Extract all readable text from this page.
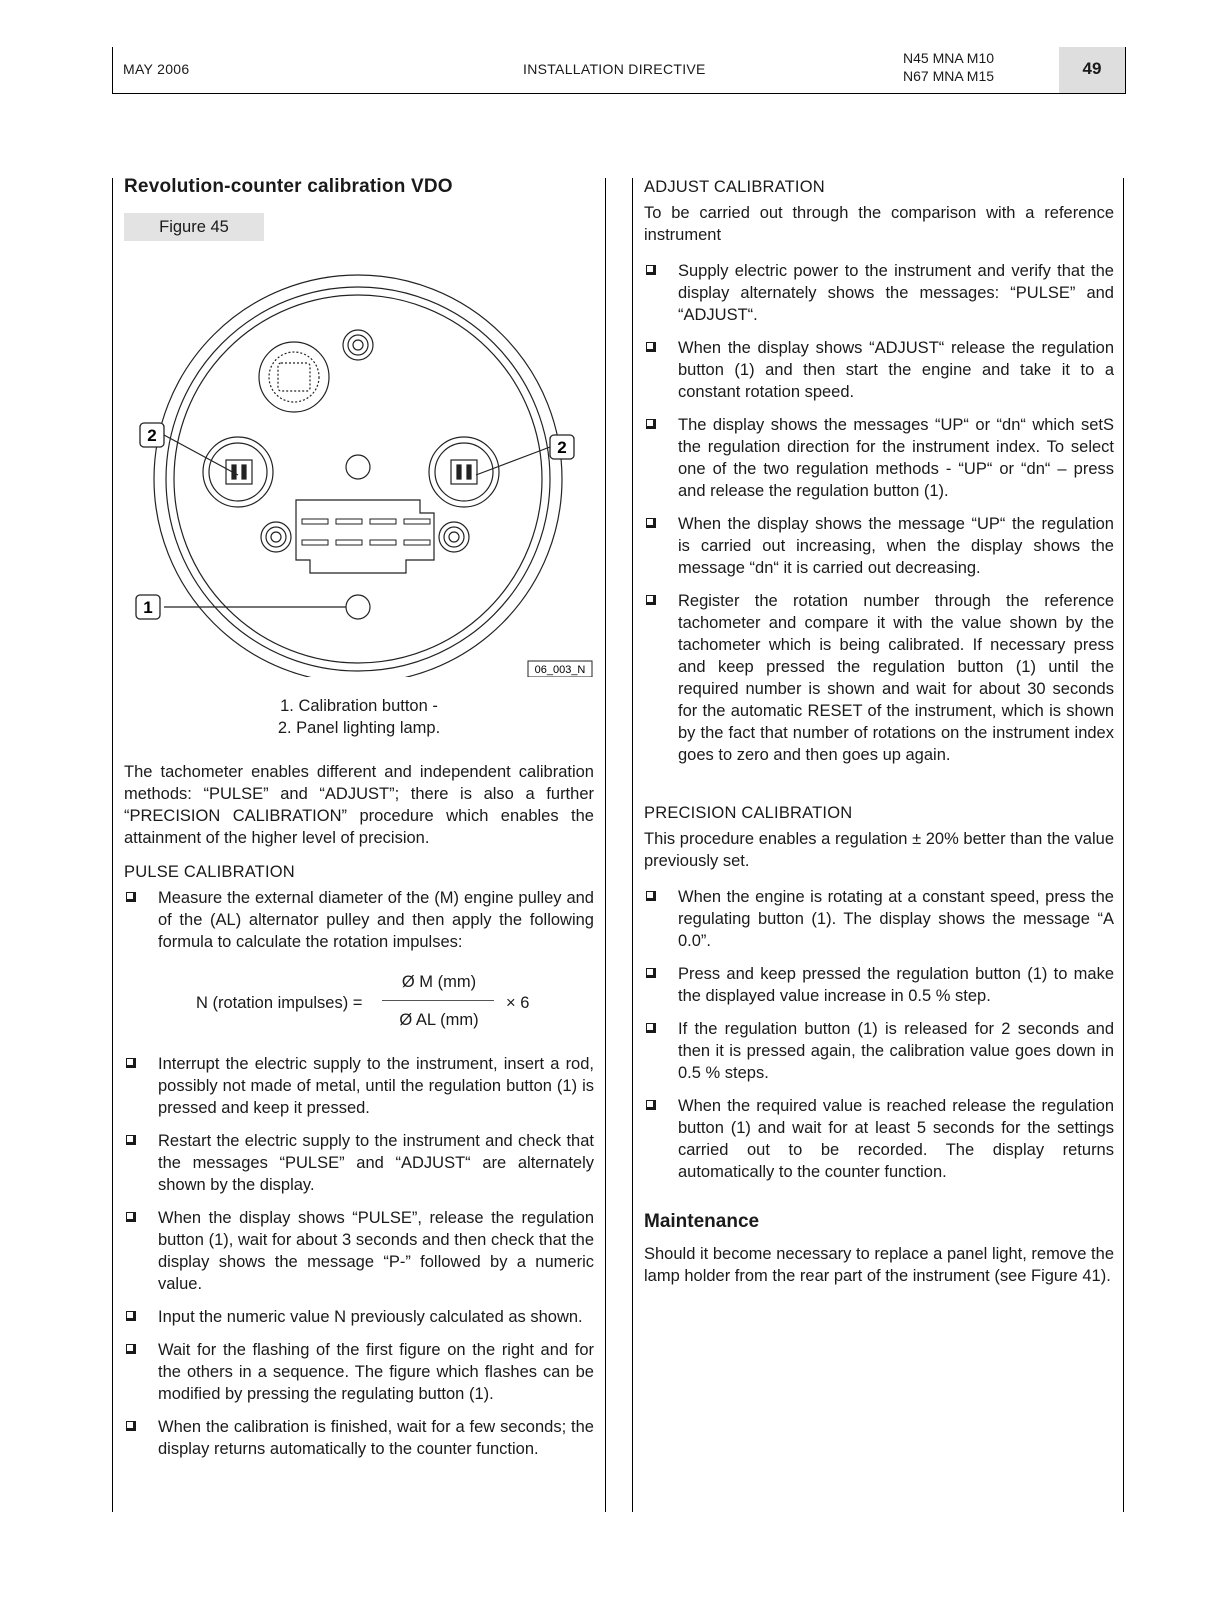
MAY 2006	INSTALLATION DIRECTIVE
N45 MNA M10
N67 MNA M15	49
Revolution-counter calibration VDO
Figure 45
2
2
1
06_003_N
1. Calibration button -
2. Panel lighting lamp.

The tachometer enables different and independent calibration methods: “PULSE” and “ADJUST”; there is also a further “PRECISION CALIBRATION” procedure which enables the attainment of the higher level of precision.

PULSE CALIBRATION
Measure the external diameter of the (M) engine pulley and of the (AL) alternator pulley and then apply the following formula to calculate the rotation impulses:
N (rotation impulses) =
Ø M (mm)
Ø AL (mm)
× 6
Interrupt the electric supply to the instrument, insert a rod, possibly not made of metal, until the regulation button (1) is pressed and keep it pressed.
Restart the electric supply to the instrument and check that the messages “PULSE” and “ADJUST“ are alternately shown by the display.
When the display shows “PULSE”, release the regulation button (1), wait for about 3 seconds and then check that the display shows the message “P-” followed by a numeric value.
Input the numeric value N previously calculated as shown.
Wait for the flashing of the first figure on the right and for the others in a sequence. The figure which flashes can be modified by pressing the regulating button (1).
When the calibration is finished, wait for a few seconds; the display returns automatically to the counter function.
ADJUST CALIBRATION

To be carried out through the comparison with a reference instrument

Supply electric power to the instrument and verify that the display alternately shows the messages: “PULSE” and “ADJUST“.
When the display shows “ADJUST“ release the regulation button (1) and then start the engine and take it to a constant rotation speed.
The display shows the messages “UP“ or “dn“ which setS the regulation direction for the instrument index. To select one of the two regulation methods - “UP“ or “dn“ – press and release the regulation button (1).
When the display shows the message “UP“ the regulation is carried out increasing, when the display shows the message “dn“ it is carried out decreasing.
Register the rotation number through the reference tachometer and compare it with the value shown by the tachometer which is being calibrated. If necessary press and keep pressed the regulation button (1) until the required number is shown and wait for about 30 seconds for the automatic RESET of the instrument, which is shown by the fact that number of rotations on the instrument index goes to zero and then goes up again.
PRECISION CALIBRATION

This procedure enables a regulation ± 20% better than the value previously set.

When the engine is rotating at a constant speed, press the regulating button (1). The display shows the message “A 0.0”.
Press and keep pressed the regulation button (1) to make the displayed value increase in 0.5 % step.
If the regulation button (1) is released for 2 seconds and then it is pressed again, the calibration value goes down in 0.5 % steps.
When the required value is reached release the regulation button (1) and wait for at least 5 seconds for the settings carried out to be recorded. The display returns automatically to the counter function.
Maintenance

Should it become necessary to replace a panel light, remove the lamp holder from the rear part of the instrument (see Figure 41).
